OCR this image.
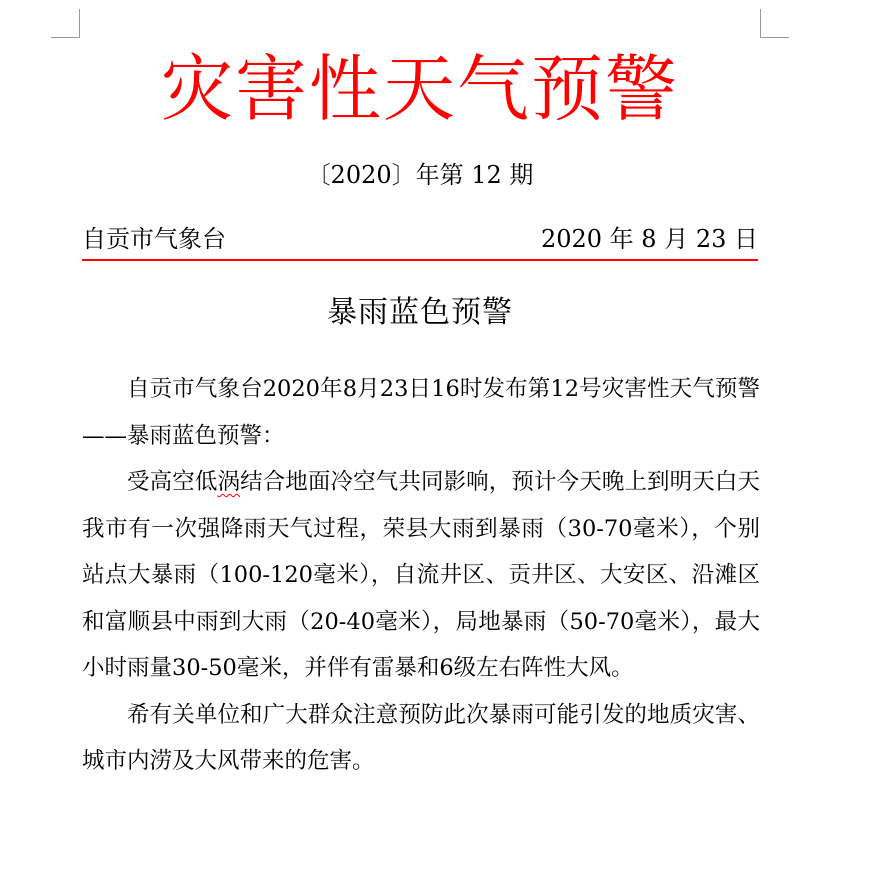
灾害性天气预警
〔2020〕年第 12 期
自贡市气象台	2020 年 8 月 23 日
暴雨蓝色预警

自贡市气象台2020年8月23日16时发布第12号灾害性天气预警——暴雨蓝色预警：

受高空低涡结合地面冷空气共同影响，预计今天晚上到明天白天我市有一次强降雨天气过程，荣县大雨到暴雨（30-70毫米），个别站点大暴雨（100-120毫米），自流井区、贡井区、大安区、沿滩区和富顺县中雨到大雨（20-40毫米），局地暴雨（50-70毫米），最大小时雨量30-50毫米，并伴有雷暴和6级左右阵性大风。

希有关单位和广大群众注意预防此次暴雨可能引发的地质灾害、城市内涝及大风带来的危害。
